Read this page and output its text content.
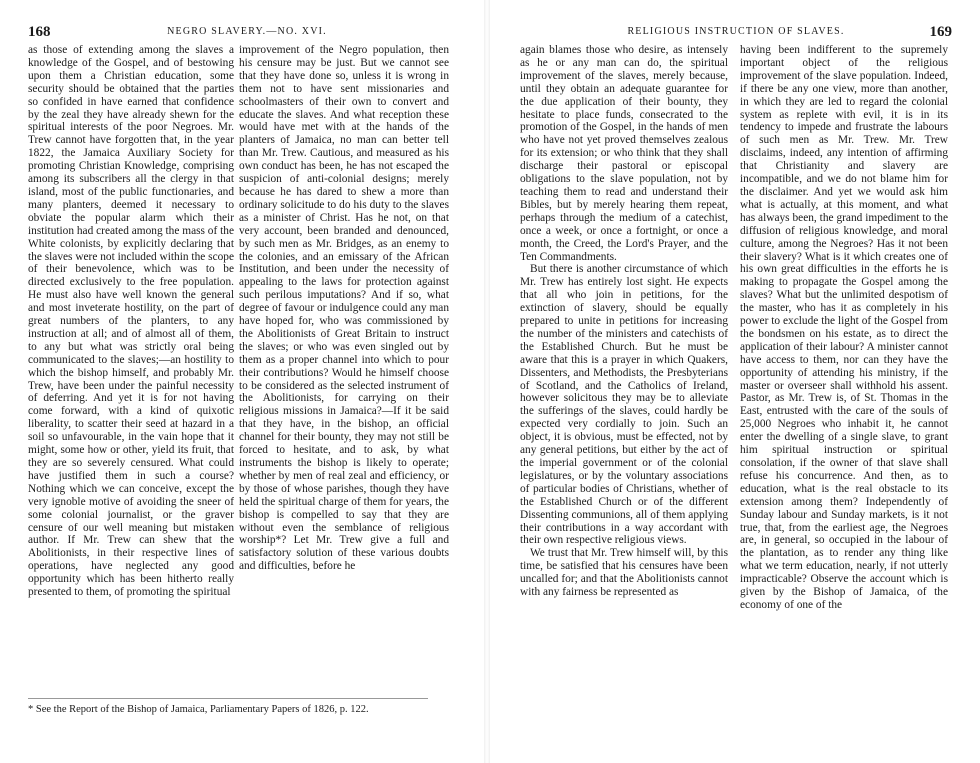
168	NEGRO SLAVERY.—NO. XVI.

as those of extending among the slaves a knowledge of the Gospel, and of bestowing upon them a Christian education, some security should be obtained that the parties so confided in have earned that confidence by the zeal they have already shewn for the spiritual interests of the poor Negroes. Mr. Trew cannot have forgotten that, in the year 1822, the Jamaica Auxiliary Society for promoting Christian Knowledge, comprising among its subscribers all the clergy in that island, most of the public functionaries, and many planters, deemed it necessary to obviate the popular alarm which their institution had created among the mass of the White colonists, by explicitly declaring that the slaves were not included within the scope of their benevolence, which was to be directed exclusively to the free population. He must also have well known the general and most inveterate hostility, on the part of great numbers of the planters, to any instruction at all; and of almost all of them, to any but what was strictly oral being communicated to the slaves;—an hostility to which the bishop himself, and probably Mr. Trew, have been under the painful necessity of deferring. And yet it is for not having come forward, with a kind of quixotic liberality, to scatter their seed at hazard in a soil so unfavourable, in the vain hope that it might, some how or other, yield its fruit, that they are so severely censured. What could have justified them in such a course? Nothing which we can conceive, except the very ignoble motive of avoiding the sneer of some colonial journalist, or the graver censure of our well meaning but mistaken author. If Mr. Trew can shew that the Abolitionists, in their respective lines of operations, have neglected any good opportunity which has been hitherto really presented to them, of promoting the spiritual

improvement of the Negro population, then his censure may be just. But we cannot see that they have done so, unless it is wrong in them not to have sent missionaries and schoolmasters of their own to convert and educate the slaves. And what reception these would have met with at the hands of the planters of Jamaica, no man can better tell than Mr. Trew. Cautious, and measured as his own conduct has been, he has not escaped the suspicion of anti-colonial designs; merely because he has dared to shew a more than ordinary solicitude to do his duty to the slaves as a minister of Christ. Has he not, on that very account, been branded and denounced, by such men as Mr. Bridges, as an enemy to the colonies, and an emissary of the African Institution, and been under the necessity of appealing to the laws for protection against such perilous imputations? And if so, what degree of favour or indulgence could any man have hoped for, who was commissioned by the Abolitionists of Great Britain to instruct the slaves; or who was even singled out by them as a proper channel into which to pour their contributions? Would he himself choose to be considered as the selected instrument of the Abolitionists, for carrying on their religious missions in Jamaica?—If it be said that they have, in the bishop, an official channel for their bounty, they may not still be forced to hesitate, and to ask, by what instruments the bishop is likely to operate; whether by men of real zeal and efficiency, or by those of whose parishes, though they have held the spiritual charge of them for years, the bishop is compelled to say that they are without even the semblance of religious worship*? Let Mr. Trew give a full and satisfactory solution of these various doubts and difficulties, before he

* See the Report of the Bishop of Jamaica, Parliamentary Papers of 1826, p. 122.
RELIGIOUS INSTRUCTION OF SLAVES.	169

again blames those who desire, as intensely as he or any man can do, the spiritual improvement of the slaves, merely because, until they obtain an adequate guarantee for the due application of their bounty, they hesitate to place funds, consecrated to the promotion of the Gospel, in the hands of men who have not yet proved themselves zealous for its extension; or who think that they shall discharge their pastoral or episcopal obligations to the slave population, not by teaching them to read and understand their Bibles, but by merely hearing them repeat, perhaps through the medium of a catechist, once a week, or once a fortnight, or once a month, the Creed, the Lord's Prayer, and the Ten Commandments.

But there is another circumstance of which Mr. Trew has entirely lost sight. He expects that all who join in petitions, for the extinction of slavery, should be equally prepared to unite in petitions for increasing the number of the ministers and catechists of the Established Church. But he must be aware that this is a prayer in which Quakers, Dissenters, and Methodists, the Presbyterians of Scotland, and the Catholics of Ireland, however solicitous they may be to alleviate the sufferings of the slaves, could hardly be expected very cordially to join. Such an object, it is obvious, must be effected, not by any general petitions, but either by the act of the imperial government or of the colonial legislatures, or by the voluntary associations of particular bodies of Christians, whether of the Established Church or of the different Dissenting communions, all of them applying their contributions in a way accordant with their own respective religious views.

We trust that Mr. Trew himself will, by this time, be satisfied that his censures have been uncalled for; and that the Abolitionists cannot with any fairness be represented as

having been indifferent to the supremely important object of the religious improvement of the slave population. Indeed, if there be any one view, more than another, in which they are led to regard the colonial system as replete with evil, it is in its tendency to impede and frustrate the labours of such men as Mr. Trew. Mr. Trew disclaims, indeed, any intention of affirming that Christianity and slavery are incompatible, and we do not blame him for the disclaimer. And yet we would ask him what is actually, at this moment, and what has always been, the grand impediment to the diffusion of religious knowledge, and moral culture, among the Negroes? Has it not been their slavery? What is it which creates one of his own great difficulties in the efforts he is making to propagate the Gospel among the slaves? What but the unlimited despotism of the master, who has it as completely in his power to exclude the light of the Gospel from the bondsmen on his estate, as to direct the application of their labour? A minister cannot have access to them, nor can they have the opportunity of attending his ministry, if the master or overseer shall withhold his assent. Pastor, as Mr. Trew is, of St. Thomas in the East, entrusted with the care of the souls of 25,000 Negroes who inhabit it, he cannot enter the dwelling of a single slave, to grant him spiritual instruction or spiritual consolation, if the owner of that slave shall refuse his concurrence. And then, as to education, what is the real obstacle to its extension among them? Independently of Sunday labour and Sunday markets, is it not true, that, from the earliest age, the Negroes are, in general, so occupied in the labour of the plantation, as to render any thing like what we term education, nearly, if not utterly impracticable? Observe the account which is given by the Bishop of Jamaica, of the economy of one of the
